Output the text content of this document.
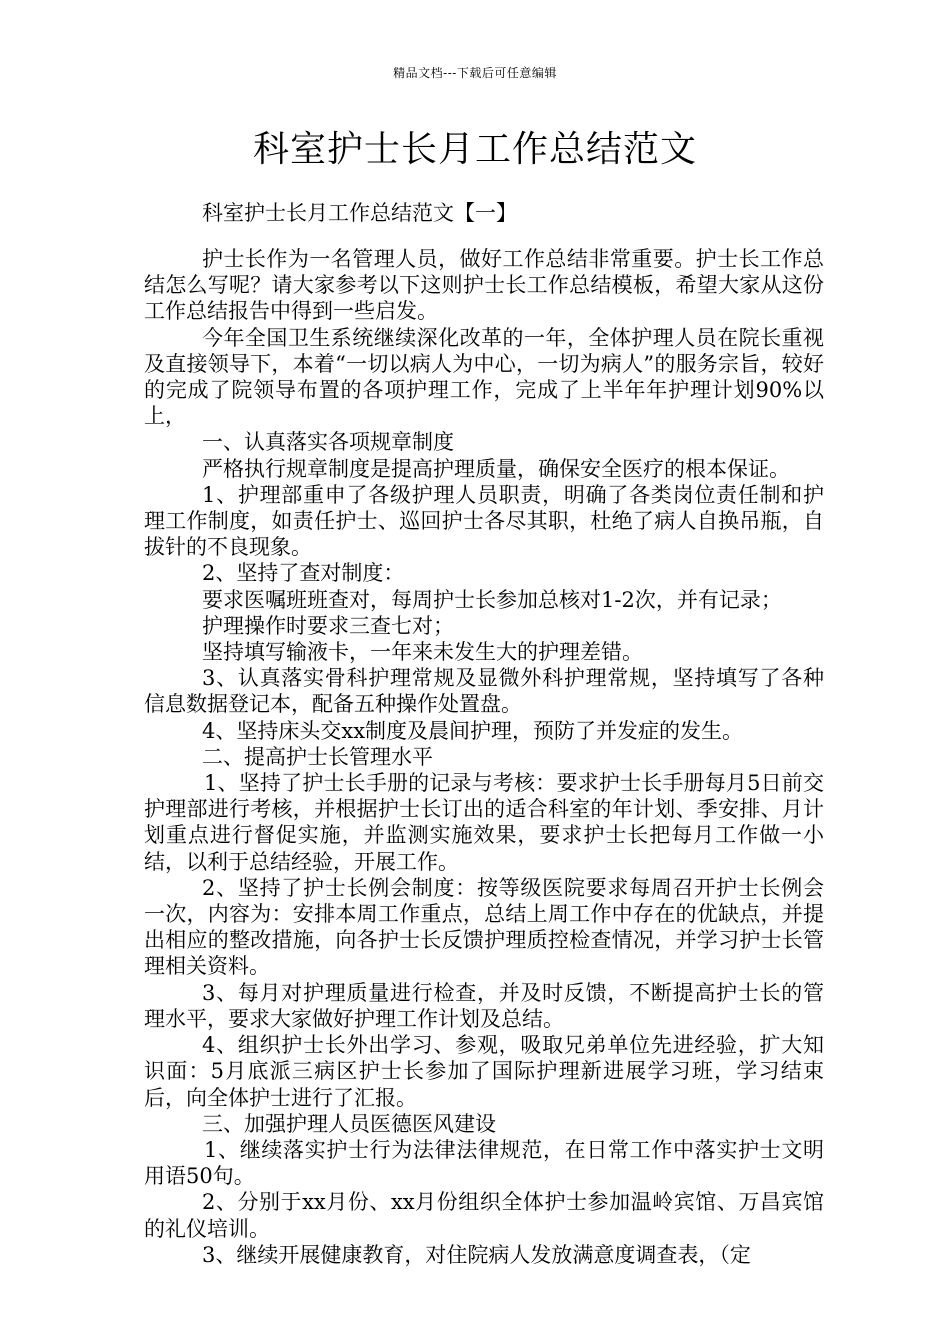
精品文档---下载后可任意编辑
科室护士长月工作总结范文
科室护士长月工作总结范文【一】

护士长作为一名管理人员，做好工作总结非常重要。护士长工作总结怎么写呢？请大家参考以下这则护士长工作总结模板，希望大家从这份工作总结报告中得到一些启发。

今年全国卫生系统继续深化改革的一年，全体护理人员在院长重视及直接领导下，本着“一切以病人为中心，一切为病人”的服务宗旨，较好的完成了院领导布置的各项护理工作，完成了上半年年护理计划90%以上，

一、认真落实各项规章制度

严格执行规章制度是提高护理质量，确保安全医疗的根本保证。

1、护理部重申了各级护理人员职责，明确了各类岗位责任制和护理工作制度，如责任护士、巡回护士各尽其职，杜绝了病人自换吊瓶，自拔针的不良现象。

2、坚持了查对制度：

要求医嘱班班查对，每周护士长参加总核对1-2次，并有记录；

护理操作时要求三查七对；

坚持填写输液卡，一年来未发生大的护理差错。

3、认真落实骨科护理常规及显微外科护理常规，坚持填写了各种信息数据登记本，配备五种操作处置盘。

4、坚持床头交xx制度及晨间护理，预防了并发症的发生。

二、提高护士长管理水平

1、坚持了护士长手册的记录与考核：要求护士长手册每月5日前交护理部进行考核，并根据护士长订出的适合科室的年计划、季安排、月计划重点进行督促实施，并监测实施效果，要求护士长把每月工作做一小结，以利于总结经验，开展工作。

2、坚持了护士长例会制度：按等级医院要求每周召开护士长例会一次，内容为：安排本周工作重点，总结上周工作中存在的优缺点，并提出相应的整改措施，向各护士长反馈护理质控检查情况，并学习护士长管理相关资料。

3、每月对护理质量进行检查，并及时反馈，不断提高护士长的管理水平，要求大家做好护理工作计划及总结。

4、组织护士长外出学习、参观，吸取兄弟单位先进经验，扩大知识面：5月底派三病区护士长参加了国际护理新进展学习班，学习结束后，向全体护士进行了汇报。

三、加强护理人员医德医风建设

1、继续落实护士行为法律法律规范，在日常工作中落实护士文明用语50句。

2、分别于xx月份、xx月份组织全体护士参加温岭宾馆、万昌宾馆的礼仪培训。

3、继续开展健康教育，对住院病人发放满意度调查表，（定
